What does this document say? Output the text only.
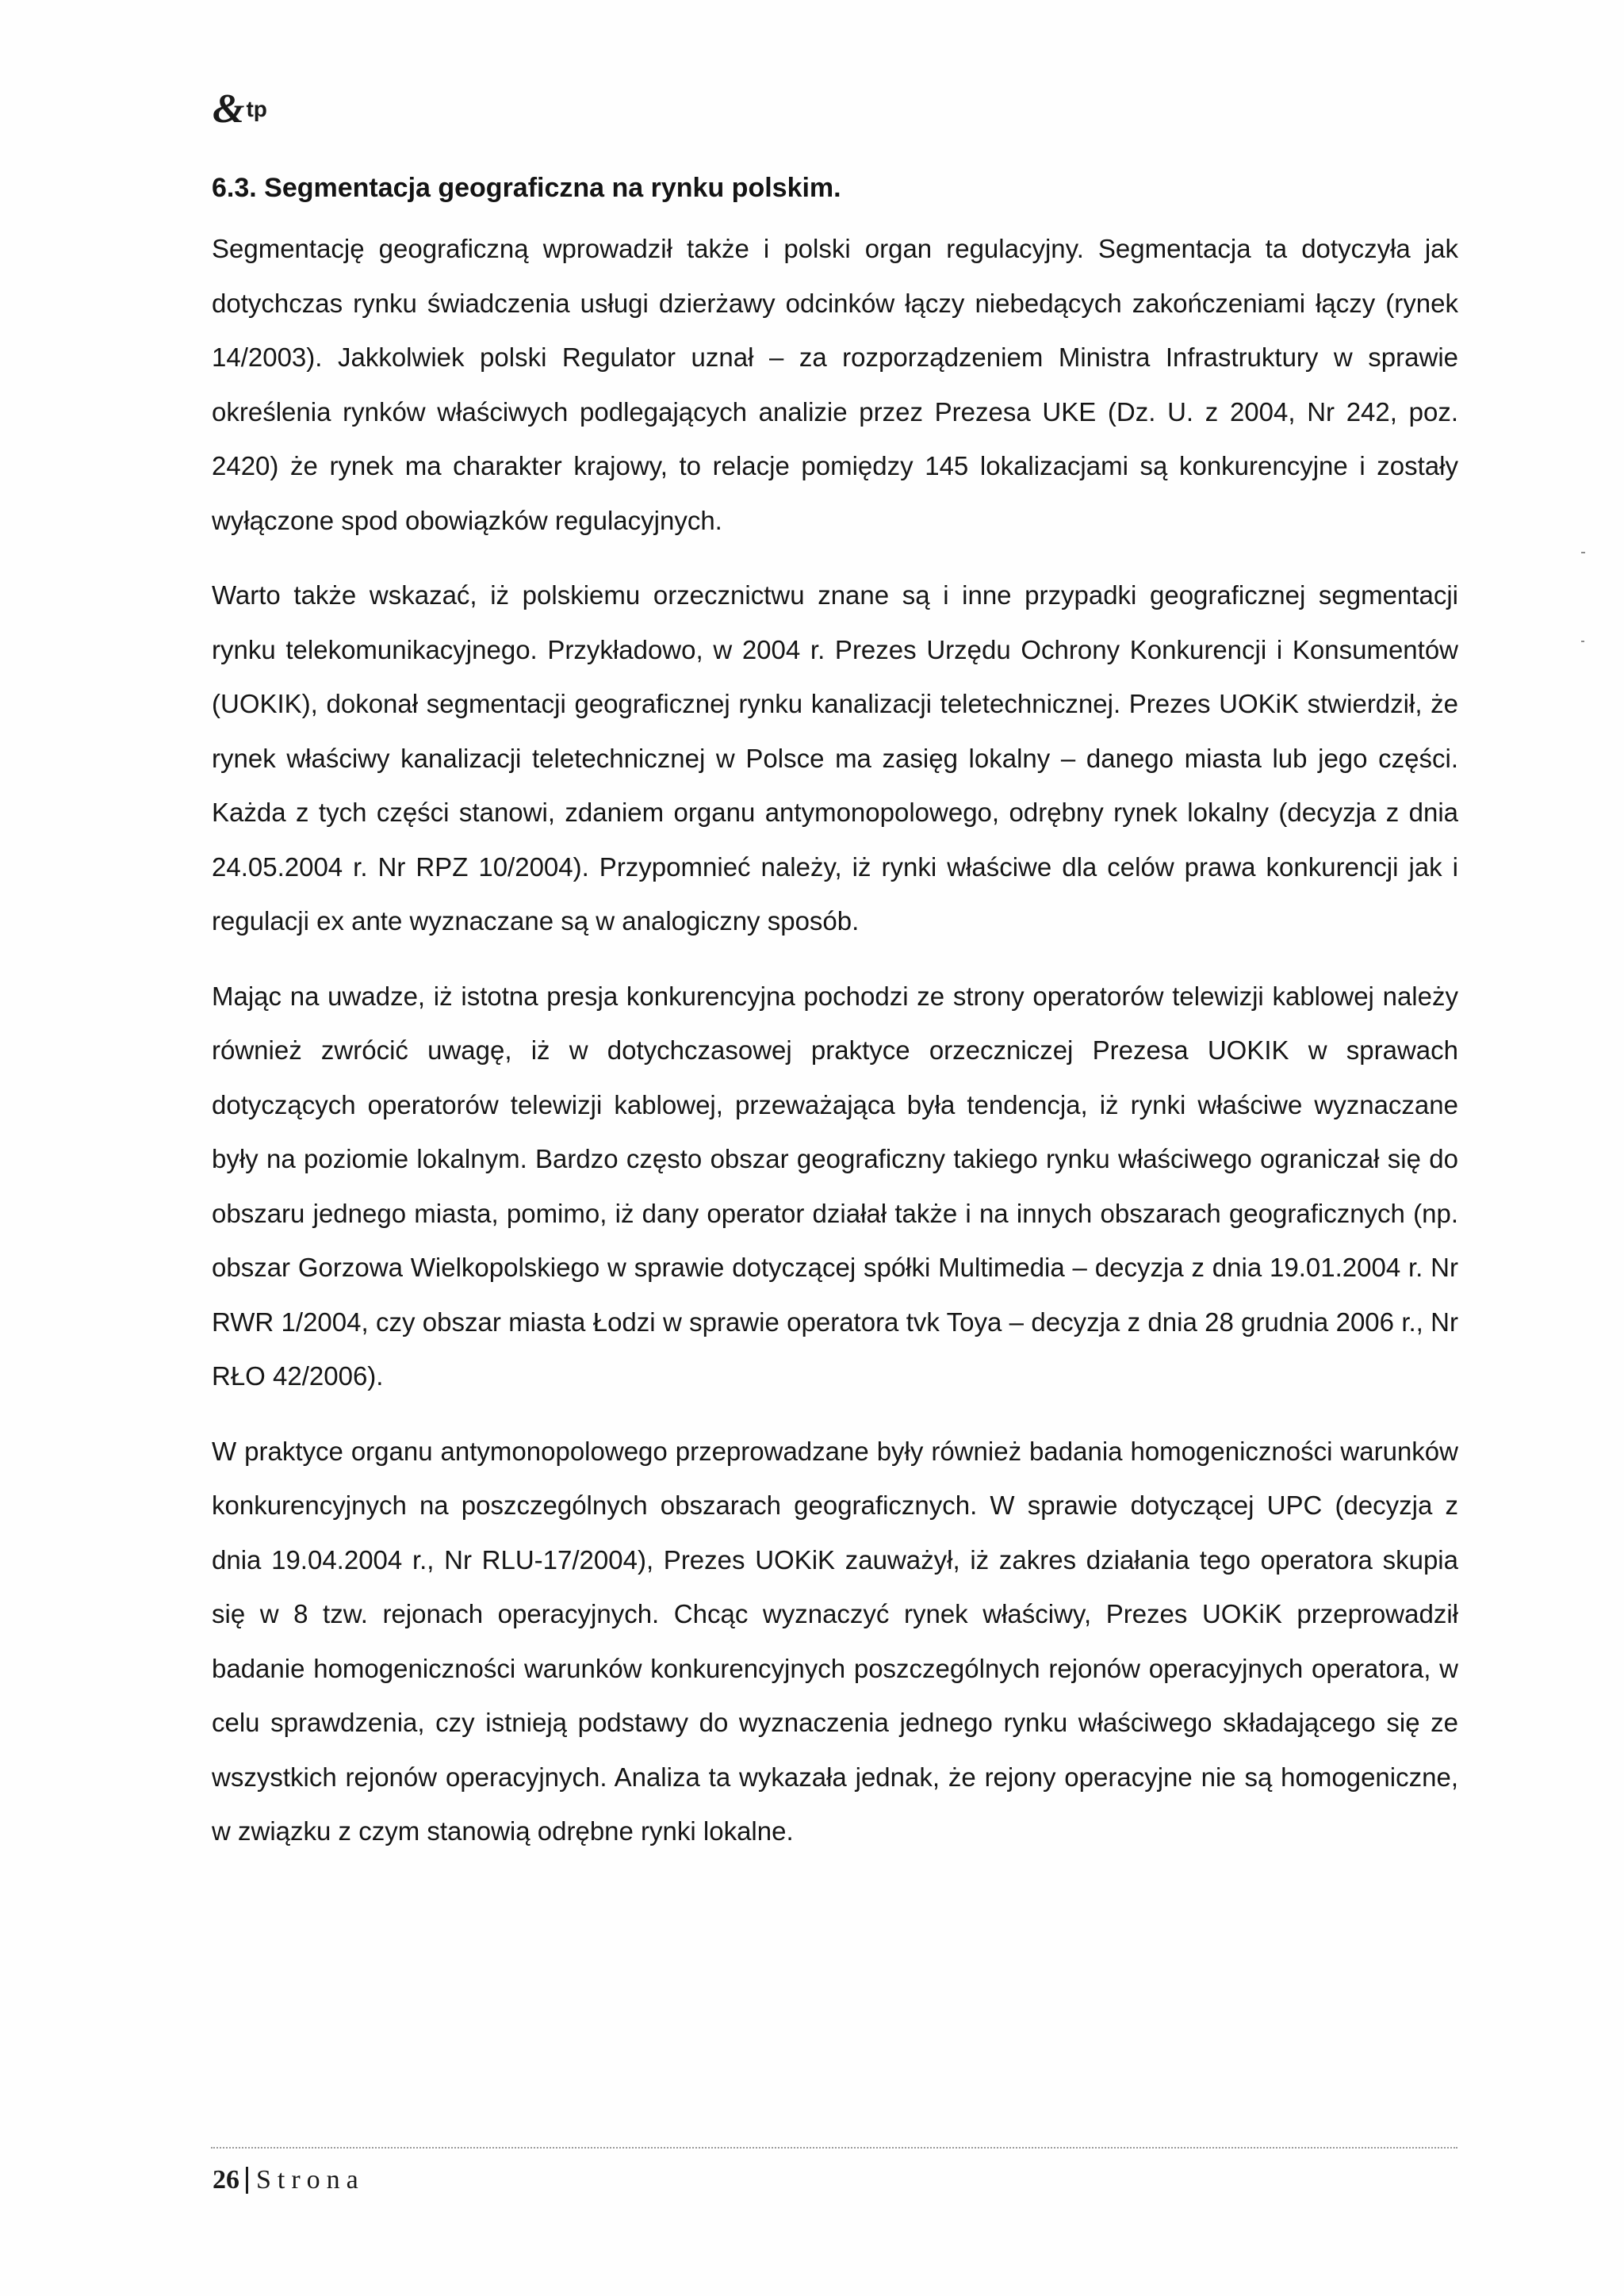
& tp
6.3. Segmentacja geograficzna na rynku polskim.

Segmentację geograficzną wprowadził także i polski organ regulacyjny. Segmentacja ta dotyczyła jak dotychczas rynku świadczenia usługi dzierżawy odcinków łączy niebedących zakończeniami łączy (rynek 14/2003). Jakkolwiek polski Regulator uznał – za rozporządzeniem Ministra Infrastruktury w sprawie określenia rynków właściwych podlegających analizie przez Prezesa UKE (Dz. U. z 2004, Nr 242, poz. 2420) że rynek ma charakter krajowy, to relacje pomiędzy 145 lokalizacjami są konkurencyjne i zostały wyłączone spod obowiązków regulacyjnych.

Warto także wskazać, iż polskiemu orzecznictwu znane są i inne przypadki geograficznej segmentacji rynku telekomunikacyjnego. Przykładowo, w 2004 r. Prezes Urzędu Ochrony Konkurencji i Konsumentów (UOKIK), dokonał segmentacji geograficznej rynku kanalizacji teletechnicznej. Prezes UOKiK stwierdził, że rynek właściwy kanalizacji teletechnicznej w Polsce ma zasięg lokalny – danego miasta lub jego części. Każda z tych części stanowi, zdaniem organu antymonopolowego, odrębny rynek lokalny (decyzja z dnia 24.05.2004 r. Nr RPZ 10/2004). Przypomnieć należy, iż rynki właściwe dla celów prawa konkurencji jak i regulacji ex ante wyznaczane są w analogiczny sposób.

Mając na uwadze, iż istotna presja konkurencyjna pochodzi ze strony operatorów telewizji kablowej należy również zwrócić uwagę, iż w dotychczasowej praktyce orzeczniczej Prezesa UOKIK w sprawach dotyczących operatorów telewizji kablowej, przeważająca była tendencja, iż rynki właściwe wyznaczane były na poziomie lokalnym. Bardzo często obszar geograficzny takiego rynku właściwego ograniczał się do obszaru jednego miasta, pomimo, iż dany operator działał także i na innych obszarach geograficznych (np. obszar Gorzowa Wielkopolskiego w sprawie dotyczącej spółki Multimedia – decyzja z dnia 19.01.2004 r. Nr RWR 1/2004, czy obszar miasta Łodzi w sprawie operatora tvk Toya – decyzja z dnia 28 grudnia 2006 r., Nr RŁO 42/2006).

W praktyce organu antymonopolowego przeprowadzane były również badania homogeniczności warunków konkurencyjnych na poszczególnych obszarach geograficznych. W sprawie dotyczącej UPC (decyzja z dnia 19.04.2004 r., Nr RLU-17/2004), Prezes UOKiK zauważył, iż zakres działania tego operatora skupia się w 8 tzw. rejonach operacyjnych. Chcąc wyznaczyć rynek właściwy, Prezes UOKiK przeprowadził badanie homogeniczności warunków konkurencyjnych poszczególnych rejonów operacyjnych operatora, w celu sprawdzenia, czy istnieją podstawy do wyznaczenia jednego rynku właściwego składającego się ze wszystkich rejonów operacyjnych. Analiza ta wykazała jednak, że rejony operacyjne nie są homogeniczne, w związku z czym stanowią odrębne rynki lokalne.

26 Strona
